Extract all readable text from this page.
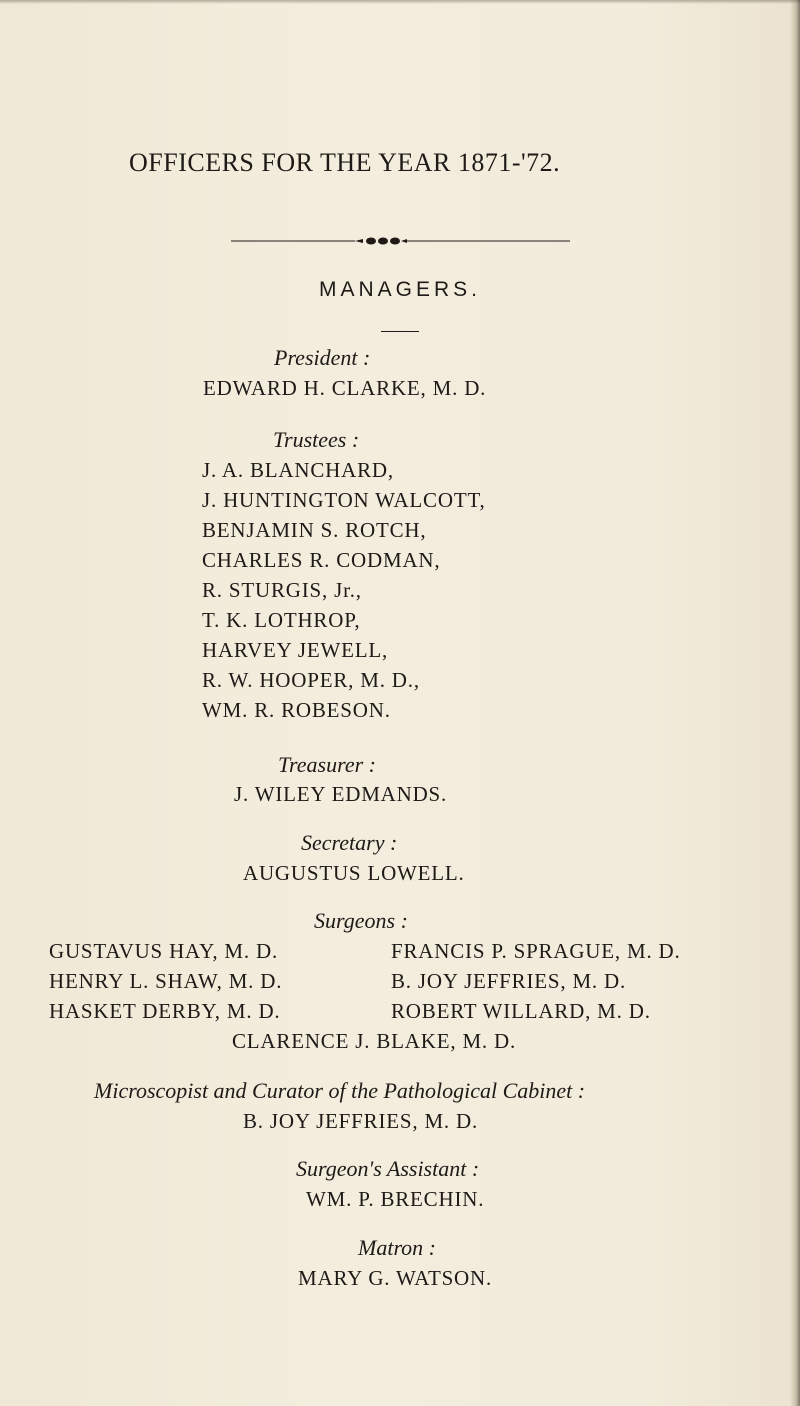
OFFICERS FOR THE YEAR 1871-'72.
MANAGERS.
President :
EDWARD H. CLARKE, M. D.
Trustees :
J. A. BLANCHARD,
J. HUNTINGTON WALCOTT,
BENJAMIN S. ROTCH,
CHARLES R. CODMAN,
R. STURGIS, Jr.,
T. K. LOTHROP,
HARVEY JEWELL,
R. W. HOOPER, M. D.,
WM. R. ROBESON.
Treasurer :
J. WILEY EDMANDS.
Secretary :
AUGUSTUS LOWELL.
Surgeons :
GUSTAVUS HAY, M. D.	FRANCIS P. SPRAGUE, M. D.
HENRY L. SHAW, M. D.	B. JOY JEFFRIES, M. D.
HASKET DERBY, M. D.	ROBERT WILLARD, M. D.
CLARENCE J. BLAKE, M. D.
Microscopist and Curator of the Pathological Cabinet :
B. JOY JEFFRIES, M. D.
Surgeon's Assistant :
WM. P. BRECHIN.
Matron :
MARY G. WATSON.
